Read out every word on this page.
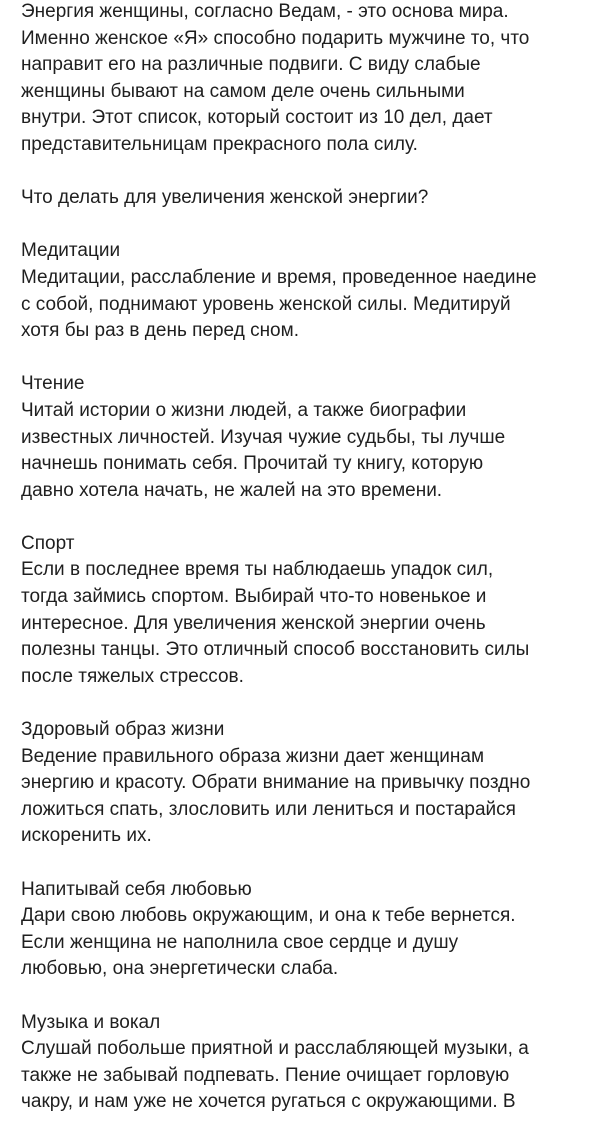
Энергия женщины, согласно Ведам, - это основа мира.
Именно женское «Я» способно подарить мужчине то, что
направит его на различные подвиги. С виду слабые
женщины бывают на самом деле очень сильными
внутри. Этот список, который состоит из 10 дел, дает
представительницам прекрасного пола силу.
Что делать для увеличения женской энергии?
Медитации
Медитации, расслабление и время, проведенное наедине
с собой, поднимают уровень женской силы. Медитируй
хотя бы раз в день перед сном.
Чтение
Читай истории о жизни людей, а также биографии
известных личностей. Изучая чужие судьбы, ты лучше
начнешь понимать себя. Прочитай ту книгу, которую
давно хотела начать, не жалей на это времени.
Спорт
Если в последнее время ты наблюдаешь упадок сил,
тогда займись спортом. Выбирай что-то новенькое и
интересное. Для увеличения женской энергии очень
полезны танцы. Это отличный способ восстановить силы
после тяжелых стрессов.
Здоровый образ жизни
Ведение правильного образа жизни дает женщинам
энергию и красоту. Обрати внимание на привычку поздно
ложиться спать, злословить или лениться и постарайся
искоренить их.
Напитывай себя любовью
Дари свою любовь окружающим, и она к тебе вернется.
Если женщина не наполнила свое сердце и душу
любовью, она энергетически слаба.
Музыка и вокал
Слушай побольше приятной и расслабляющей музыки, а
также не забывай подпевать. Пение очищает горловую
чакру, и нам уже не хочется ругаться с окружающими. В
